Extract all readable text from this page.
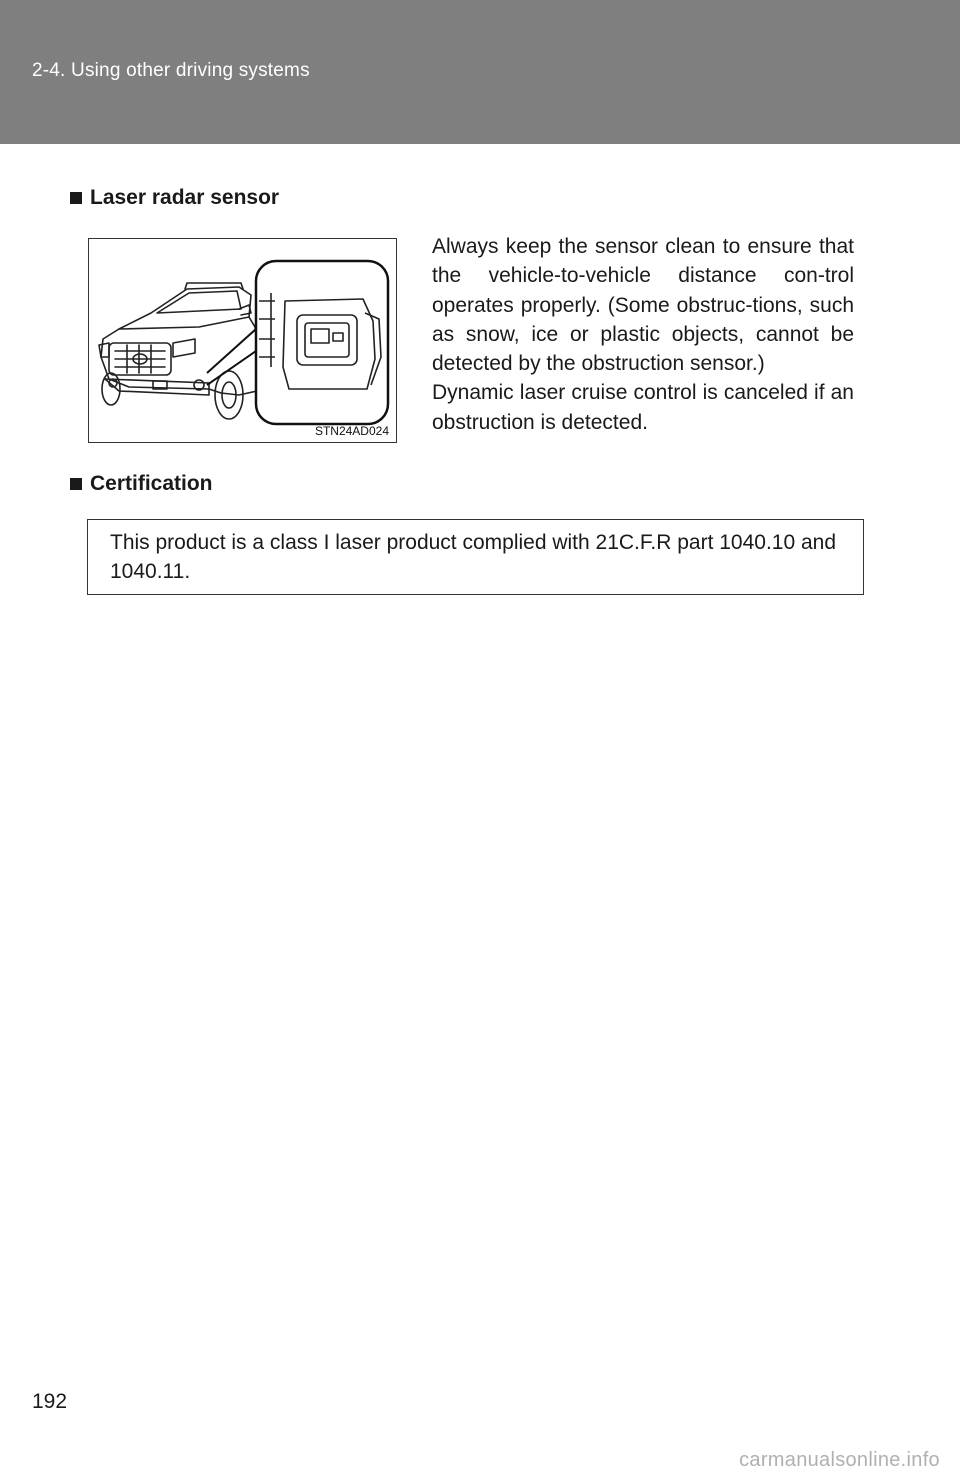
2-4. Using other driving systems
Laser radar sensor
STN24AD024

Always keep the sensor clean to ensure that the vehicle-to-vehicle distance con-trol operates properly. (Some obstruc-tions, such as snow, ice or plastic objects, cannot be detected by the obstruction sensor.)

Dynamic laser cruise control is canceled if an obstruction is detected.

Certification
This product is a class I laser product complied with 21C.F.R part 1040.10 and 1040.11.
192
carmanualsonline.info
